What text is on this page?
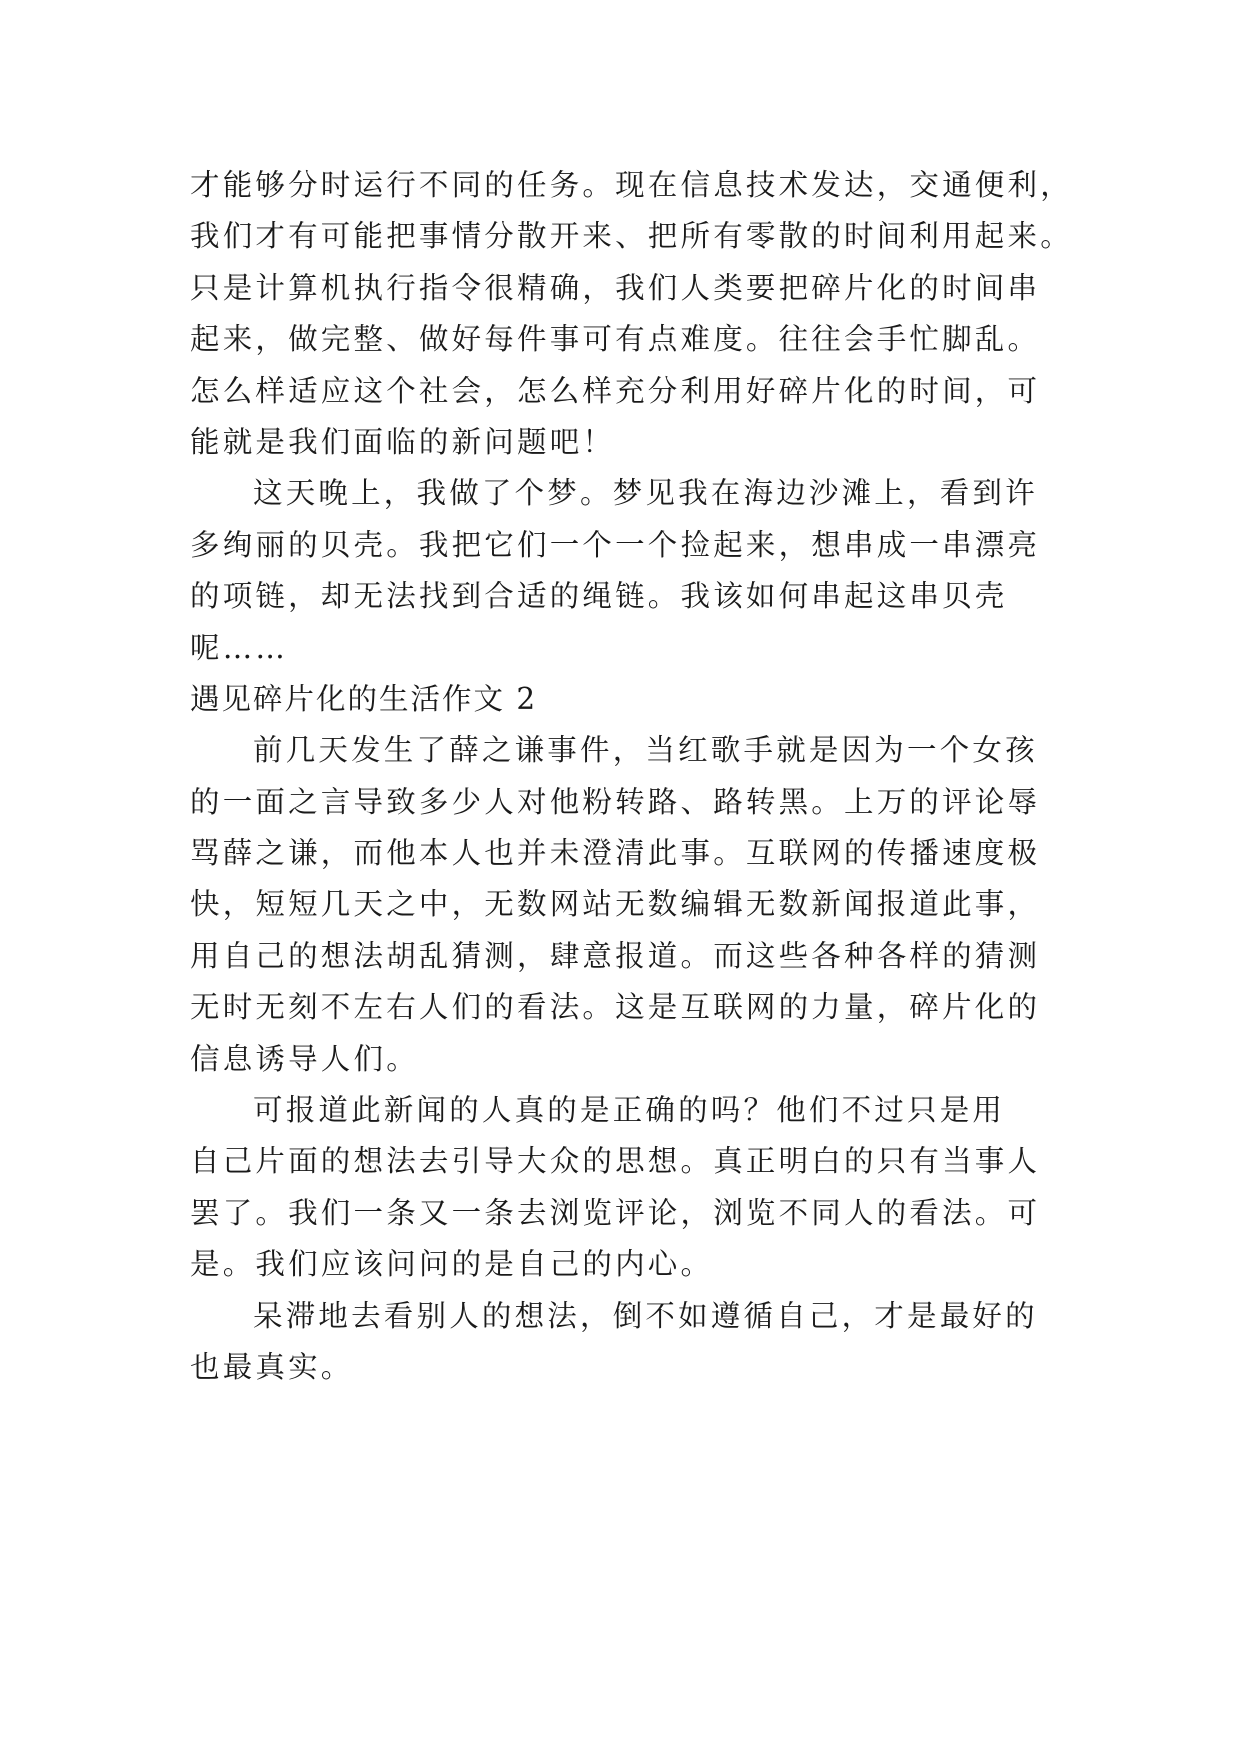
才能够分时运行不同的任务。现在信息技术发达，交通便利，
我们才有可能把事情分散开来、把所有零散的时间利用起来。
只是计算机执行指令很精确，我们人类要把碎片化的时间串
起来，做完整、做好每件事可有点难度。往往会手忙脚乱。
怎么样适应这个社会，怎么样充分利用好碎片化的时间，可
能就是我们面临的新问题吧！
这天晚上，我做了个梦。梦见我在海边沙滩上，看到许
多绚丽的贝壳。我把它们一个一个捡起来，想串成一串漂亮
的项链，却无法找到合适的绳链。我该如何串起这串贝壳
呢……
遇见碎片化的生活作文 2
前几天发生了薛之谦事件，当红歌手就是因为一个女孩
的一面之言导致多少人对他粉转路、路转黑。上万的评论辱
骂薛之谦，而他本人也并未澄清此事。互联网的传播速度极
快，短短几天之中，无数网站无数编辑无数新闻报道此事，
用自己的想法胡乱猜测，肆意报道。而这些各种各样的猜测
无时无刻不左右人们的看法。这是互联网的力量，碎片化的
信息诱导人们。
可报道此新闻的人真的是正确的吗？他们不过只是用
自己片面的想法去引导大众的思想。真正明白的只有当事人
罢了。我们一条又一条去浏览评论，浏览不同人的看法。可
是。我们应该问问的是自己的内心。
呆滞地去看别人的想法，倒不如遵循自己，才是最好的
也最真实。
